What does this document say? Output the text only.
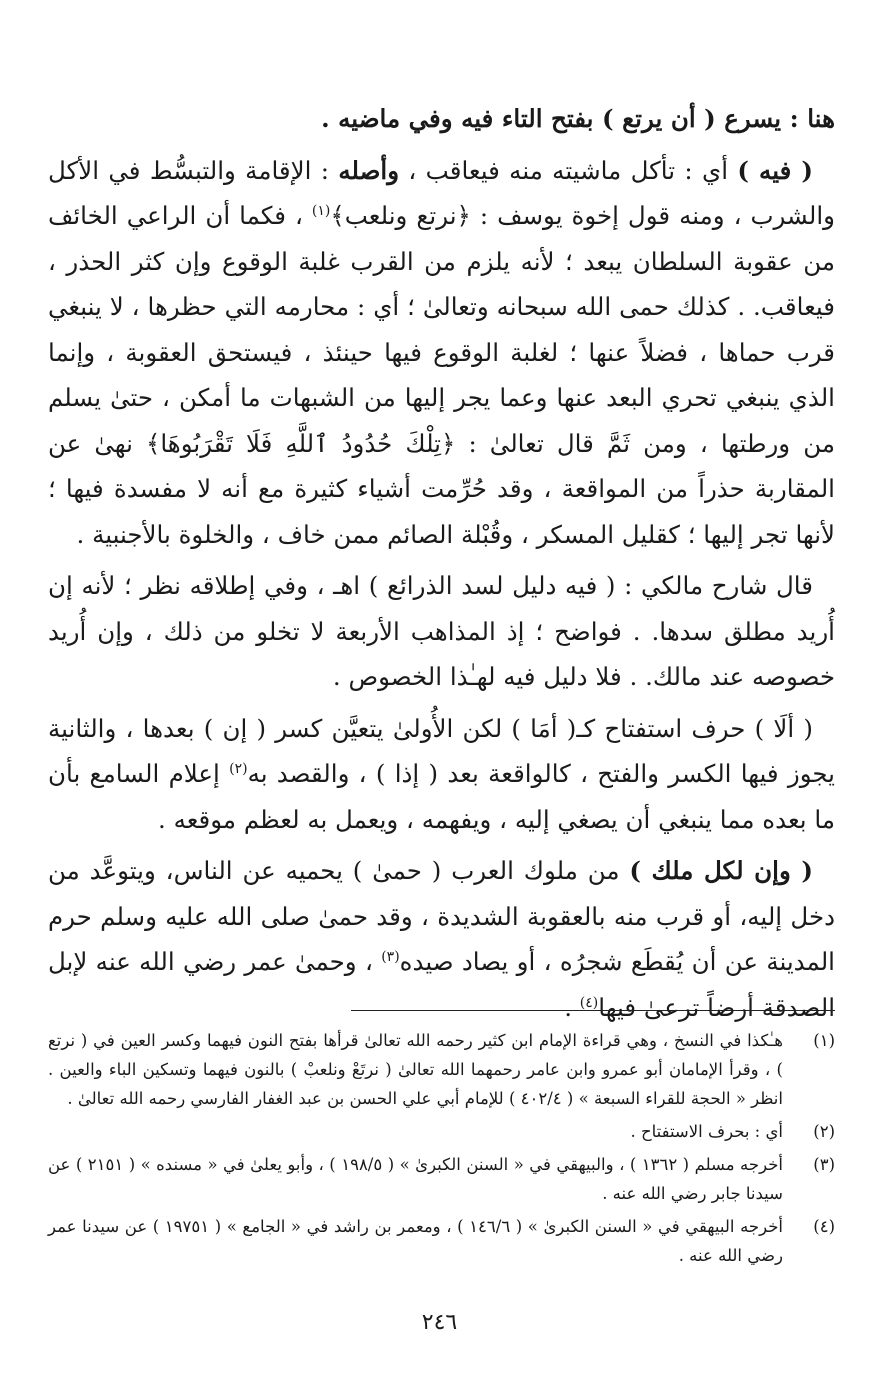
هنا : يسرع ( أن يرتع ) بفتح التاء فيه وفي ماضيه .

( فيه ) أي : تأكل ماشيته منه فيعاقب ، وأصله : الإقامة والتبسُّط في الأكل والشرب ، ومنه قول إخوة يوسف : ﴿نرتع ونلعب﴾$^{(١)}$ ، فكما أن الراعي الخائف من عقوبة السلطان يبعد ؛ لأنه يلزم من القرب غلبة الوقوع وإن كثر الحذر ، فيعاقب. . كذلك حمى الله سبحانه وتعالىٰ ؛ أي : محارمه التي حظرها ، لا ينبغي قرب حماها ، فضلاً عنها ؛ لغلبة الوقوع فيها حينئذ ، فيستحق العقوبة ، وإنما الذي ينبغي تحري البعد عنها وعما يجر إليها من الشبهات ما أمكن ، حتىٰ يسلم من ورطتها ، ومن ثَمَّ قال تعالىٰ : ﴿تِلْكَ حُدُودُ ٱللَّهِ فَلَا تَقْرَبُوهَا﴾ نهىٰ عن المقاربة حذراً من المواقعة ، وقد حُرِّمت أشياء كثيرة مع أنه لا مفسدة فيها ؛ لأنها تجر إليها ؛ كقليل المسكر ، وقُبْلة الصائم ممن خاف ، والخلوة بالأجنبية .

قال شارح مالكي : ( فيه دليل لسد الذرائع ) اهـ ، وفي إطلاقه نظر ؛ لأنه إن أُريد مطلق سدها. . فواضح ؛ إذ المذاهب الأربعة لا تخلو من ذلك ، وإن أُريد خصوصه عند مالك. . فلا دليل فيه لهـٰذا الخصوص .

( ألَا ) حرف استفتاح كـ( أمَا ) لكن الأُولىٰ يتعيَّن كسر ( إن ) بعدها ، والثانية يجوز فيها الكسر والفتح ، كالواقعة بعد ( إذا ) ، والقصد به$^{(٢)}$ إعلام السامع بأن ما بعده مما ينبغي أن يصغي إليه ، ويفهمه ، ويعمل به لعظم موقعه .

( وإن لكل ملك ) من ملوك العرب ( حمىٰ ) يحميه عن الناس، ويتوعَّد من دخل إليه، أو قرب منه بالعقوبة الشديدة ، وقد حمىٰ صلى الله عليه وسلم حرم المدينة عن أن يُقطَع شجرُه ، أو يصاد صيده$^{(٣)}$ ، وحمىٰ عمر رضي الله عنه لإبل الصدقة أرضاً ترعىٰ فيها$^{(٤)}$ .

(١)
هـٰكذا في النسخ ، وهي قراءة الإمام ابن كثير رحمه الله تعالىٰ قرأها بفتح النون فيهما وكسر العين في ( نرتع ) ، وقرأ الإمامان أبو عمرو وابن عامر رحمهما الله تعالىٰ ( نرتَعْ ونلعبْ ) بالنون فيهما وتسكين الباء والعين . انظر « الحجة للقراء السبعة » ( ٤٠٢/٤ ) للإمام أبي علي الحسن بن عبد الغفار الفارسي رحمه الله تعالىٰ .
(٢)
أي : بحرف الاستفتاح .
(٣)
أخرجه مسلم ( ١٣٦٢ ) ، والبيهقي في « السنن الكبرىٰ » ( ١٩٨/٥ ) ، وأبو يعلىٰ في « مسنده » ( ٢١٥١ ) عن سيدنا جابر رضي الله عنه .
(٤)
أخرجه البيهقي في « السنن الكبرىٰ » ( ١٤٦/٦ ) ، ومعمر بن راشد في « الجامع » ( ١٩٧٥١ ) عن سيدنا عمر رضي الله عنه .
٢٤٦
